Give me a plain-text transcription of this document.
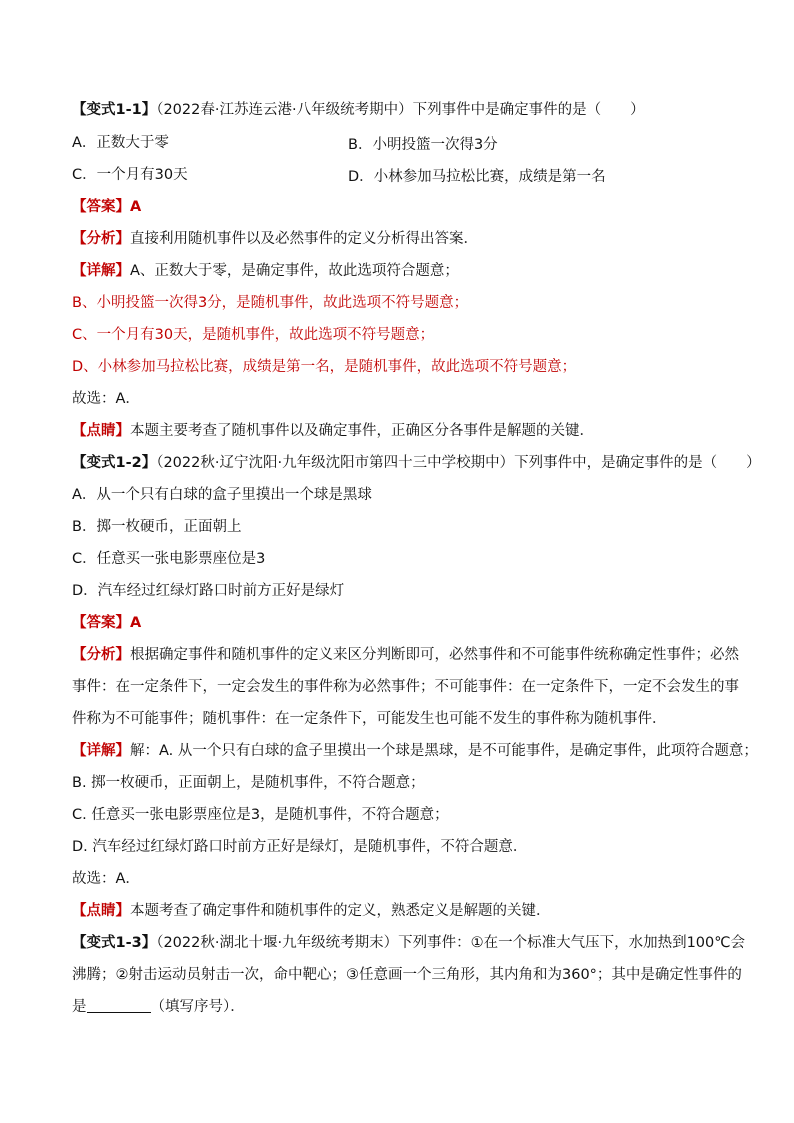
【变式1-1】（2022春·江苏连云港·八年级统考期中）下列事件中是确定事件的是（　　）
A．正数大于零	B．小明投篮一次得3分
C．一个月有30天	D．小林参加马拉松比赛，成绩是第一名
【答案】A
【分析】直接利用随机事件以及必然事件的定义分析得出答案．
【详解】A、正数大于零，是确定事件，故此选项符合题意；
B、小明投篮一次得3分，是随机事件，故此选项不符号题意；
C、一个月有30天，是随机事件，故此选项不符号题意；
D、小林参加马拉松比赛，成绩是第一名，是随机事件，故此选项不符号题意；
故选：A．
【点睛】本题主要考查了随机事件以及确定事件，正确区分各事件是解题的关键．
【变式1-2】（2022秋·辽宁沈阳·九年级沈阳市第四十三中学校期中）下列事件中，是确定事件的是（　　）
A．从一个只有白球的盒子里摸出一个球是黑球
B．掷一枚硬币，正面朝上
C．任意买一张电影票座位是3
D．汽车经过红绿灯路口时前方正好是绿灯
【答案】A
【分析】根据确定事件和随机事件的定义来区分判断即可，必然事件和不可能事件统称确定性事件；必然
事件：在一定条件下，一定会发生的事件称为必然事件；不可能事件：在一定条件下，一定不会发生的事
件称为不可能事件；随机事件：在一定条件下，可能发生也可能不发生的事件称为随机事件．
【详解】解：A. 从一个只有白球的盒子里摸出一个球是黑球，是不可能事件，是确定事件，此项符合题意；
B. 掷一枚硬币，正面朝上，是随机事件，不符合题意；
C. 任意买一张电影票座位是3，是随机事件，不符合题意；
D. 汽车经过红绿灯路口时前方正好是绿灯，是随机事件，不符合题意．
故选：A．
【点睛】本题考查了确定事件和随机事件的定义，熟悉定义是解题的关键．
【变式1-3】（2022秋·湖北十堰·九年级统考期末）下列事件：①在一个标准大气压下，水加热到100℃会
沸腾；②射击运动员射击一次，命中靶心；③任意画一个三角形，其内角和为360°；其中是确定性事件的
是	（填写序号）．
